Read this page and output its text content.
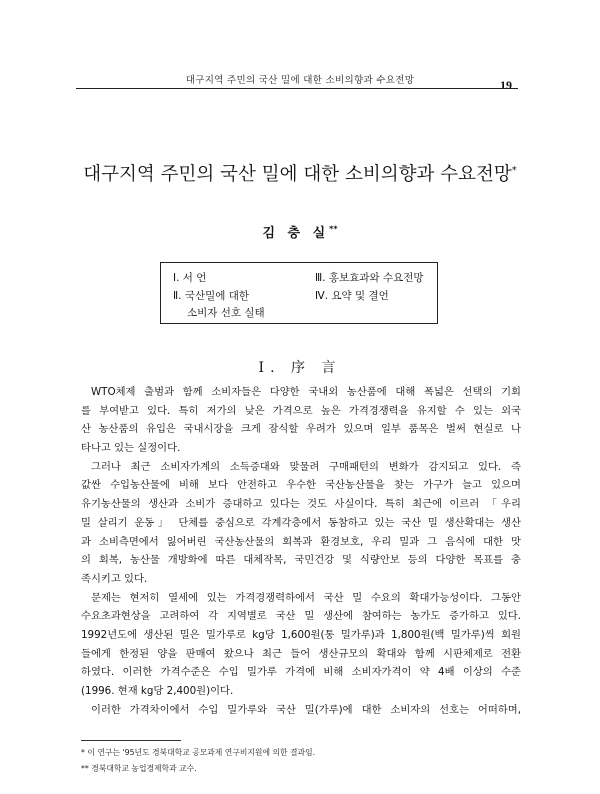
대구지역 주민의 국산 밀에 대한 소비의향과 수요전망	19
대구지역 주민의 국산 밀에 대한 소비의향과 수요전망*
김 충 실**
Ⅰ. 서 언	Ⅲ. 홍보효과와 수요전망
Ⅱ. 국산밀에 대한	Ⅳ. 요약 및 결언
소비자 선호 실태
Ⅰ. 序 言
WTO체제 출범과 함께 소비자들은 다양한 국내외 농산품에 대해 폭넓은 선택의 기회
를 부여받고 있다. 특히 저가의 낮은 가격으로 높은 가격경쟁력을 유지할 수 있는 외국
산 농산품의 유입은 국내시장을 크게 잠식할 우려가 있으며 일부 품목은 벌써 현실로 나
타나고 있는 실정이다.
그러나 최근 소비자가계의 소득증대와 맞물려 구매패턴의 변화가 감지되고 있다. 즉
값싼 수입농산물에 비해 보다 안전하고 우수한 국산농산물을 찾는 가구가 늘고 있으며
유기농산물의 생산과 소비가 증대하고 있다는 것도 사실이다. 특히 최근에 이르러 「우리
밀 살리기 운동」 단체를 중심으로 각계각층에서 동참하고 있는 국산 밀 생산확대는 생산
과 소비측면에서 잃어버린 국산농산물의 회복과 환경보호, 우리 밀과 그 음식에 대한 맛
의 회복, 농산물 개방화에 따른 대체작목, 국민건강 및 식량안보 등의 다양한 목표를 충
족시키고 있다.
문제는 현저히 열세에 있는 가격경쟁력하에서 국산 밀 수요의 확대가능성이다. 그동안
수요초과현상을 고려하여 각 지역별로 국산 밀 생산에 참여하는 농가도 증가하고 있다.
1992년도에 생산된 밀은 밀가루로 kg당 1,600원(통 밀가루)과 1,800원(백 밀가루)씩 회원
들에게 한정된 양을 판매여 왔으나 최근 들어 생산규모의 확대와 함께 시판체제로 전환
하였다. 이러한 가격수준은 수입 밀가루 가격에 비해 소비자가격이 약 4배 이상의 수준
(1996. 현재 kg당 2,400원)이다.
이러한 가격차이에서 수입 밀가루와 국산 밀(가루)에 대한 소비자의 선호는 어떠하며,
* 이 연구는 '95년도 경북대학교 공모과제 연구비지원에 의한 결과임.
** 경북대학교 농업경제학과 교수.
